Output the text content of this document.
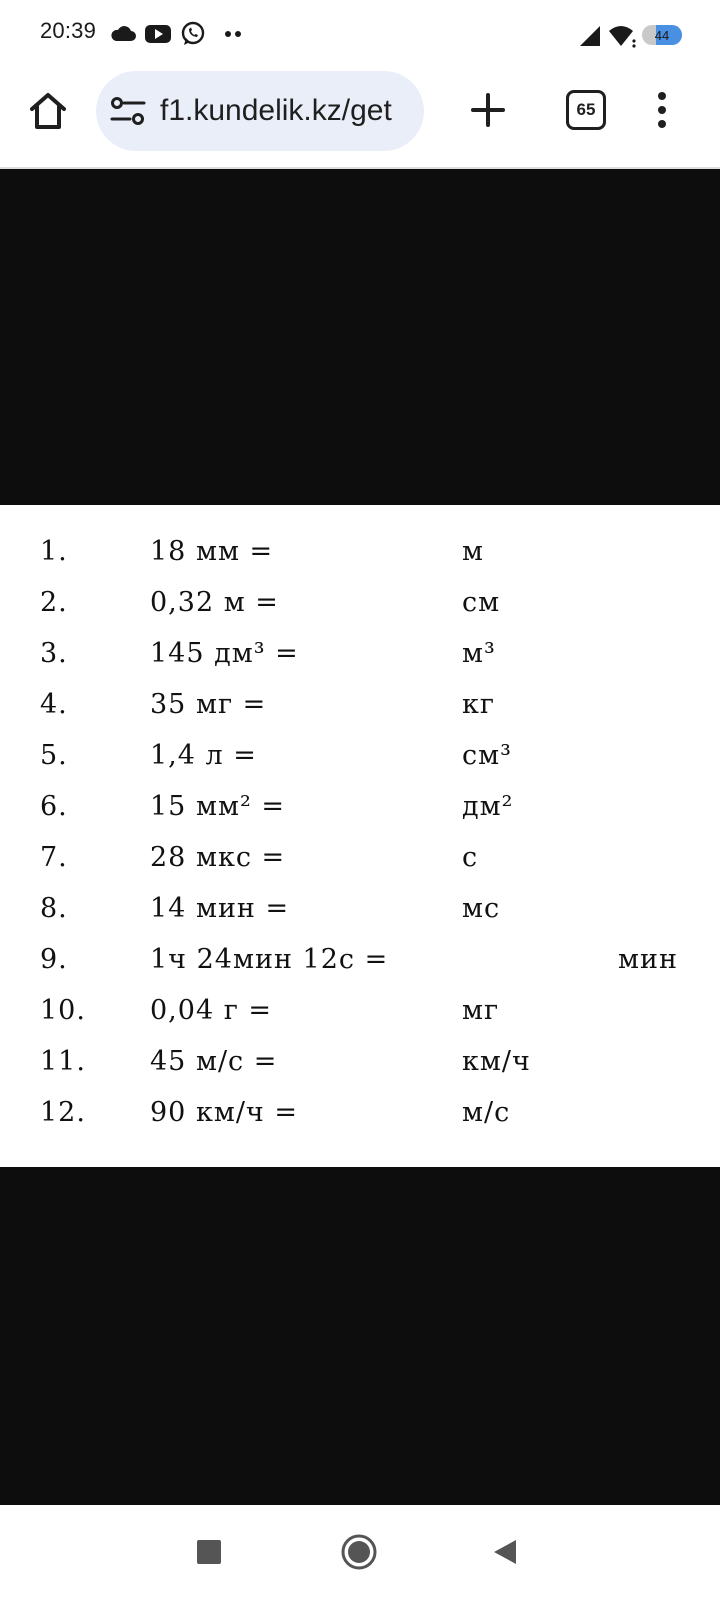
20:39	44
f1.kundelik.kz/get	65
1.	18 мм =	м
2.	0,32 м =	см
3.	145 дм³ =	м³
4.	35 мг =	кг
5.	1,4 л =	см³
6.	15 мм² =	дм²
7.	28 мкс =	с
8.	14 мин =	мс
9.	1ч 24мин 12с =	мин
10. 0,04 г =	мг
11. 45 м/с =	км/ч
12. 90 км/ч =	м/с
